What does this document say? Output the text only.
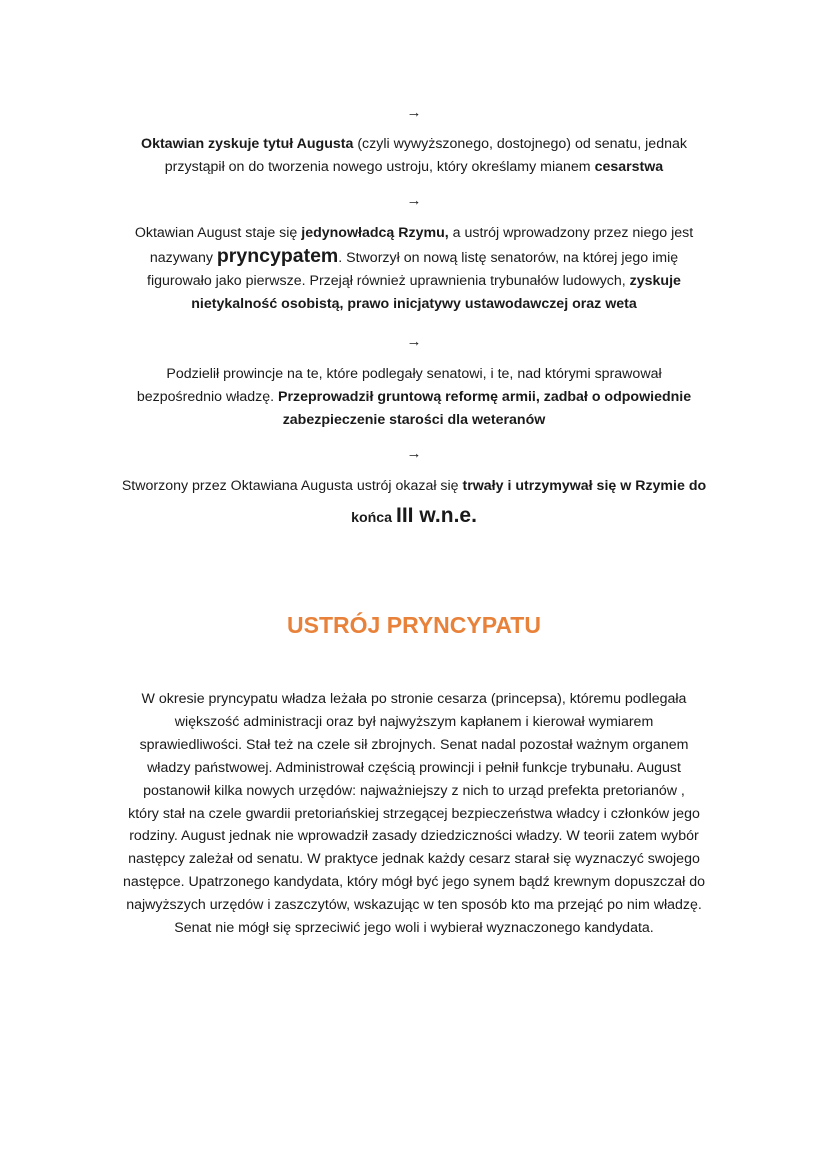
→
Oktawian zyskuje tytuł Augusta (czyli wywyższonego, dostojnego) od senatu, jednak
przystąpił on do tworzenia nowego ustroju, który określamy mianem cesarstwa
→
Oktawian August staje się jedynowładcą Rzymu, a ustrój wprowadzony przez niego jest
nazywany pryncypatem. Stworzył on nową listę senatorów, na której jego imię
figurowało jako pierwsze. Przejął również uprawnienia trybunałów ludowych, zyskuje
nietykalność osobistą, prawo inicjatywy ustawodawczej oraz weta
→
Podzielił prowincje na te, które podlegały senatowi, i te, nad którymi sprawował
bezpośrednio władzę. Przeprowadził gruntową reformę armii, zadbał o odpowiednie
zabezpieczenie starości dla weteranów
→
Stworzony przez Oktawiana Augusta ustrój okazał się trwały i utrzymywał się w Rzymie do
końca III w.n.e.
USTRÓJ PRYNCYPATU
W okresie pryncypatu władza leżała po stronie cesarza (princepsa), któremu podlegała
większość administracji oraz był najwyższym kapłanem i kierował wymiarem
sprawiedliwości. Stał też na czele sił zbrojnych. Senat nadal pozostał ważnym organem
władzy państwowej. Administrował częścią prowincji i pełnił funkcje trybunału. August
postanowił kilka nowych urzędów: najważniejszy z nich to urząd prefekta pretorianów ,
który stał na czele gwardii pretoriańskiej strzegącej bezpieczeństwa władcy i członków jego
rodziny. August jednak nie wprowadził zasady dziedziczności władzy. W teorii zatem wybór
następcy zależał od senatu. W praktyce jednak każdy cesarz starał się wyznaczyć swojego
następce. Upatrzonego kandydata, który mógł być jego synem bądź krewnym dopuszczał do
najwyższych urzędów i zaszczytów, wskazując w ten sposób kto ma przejąć po nim władzę.
Senat nie mógł się sprzeciwić jego woli i wybierał wyznaczonego kandydata.
